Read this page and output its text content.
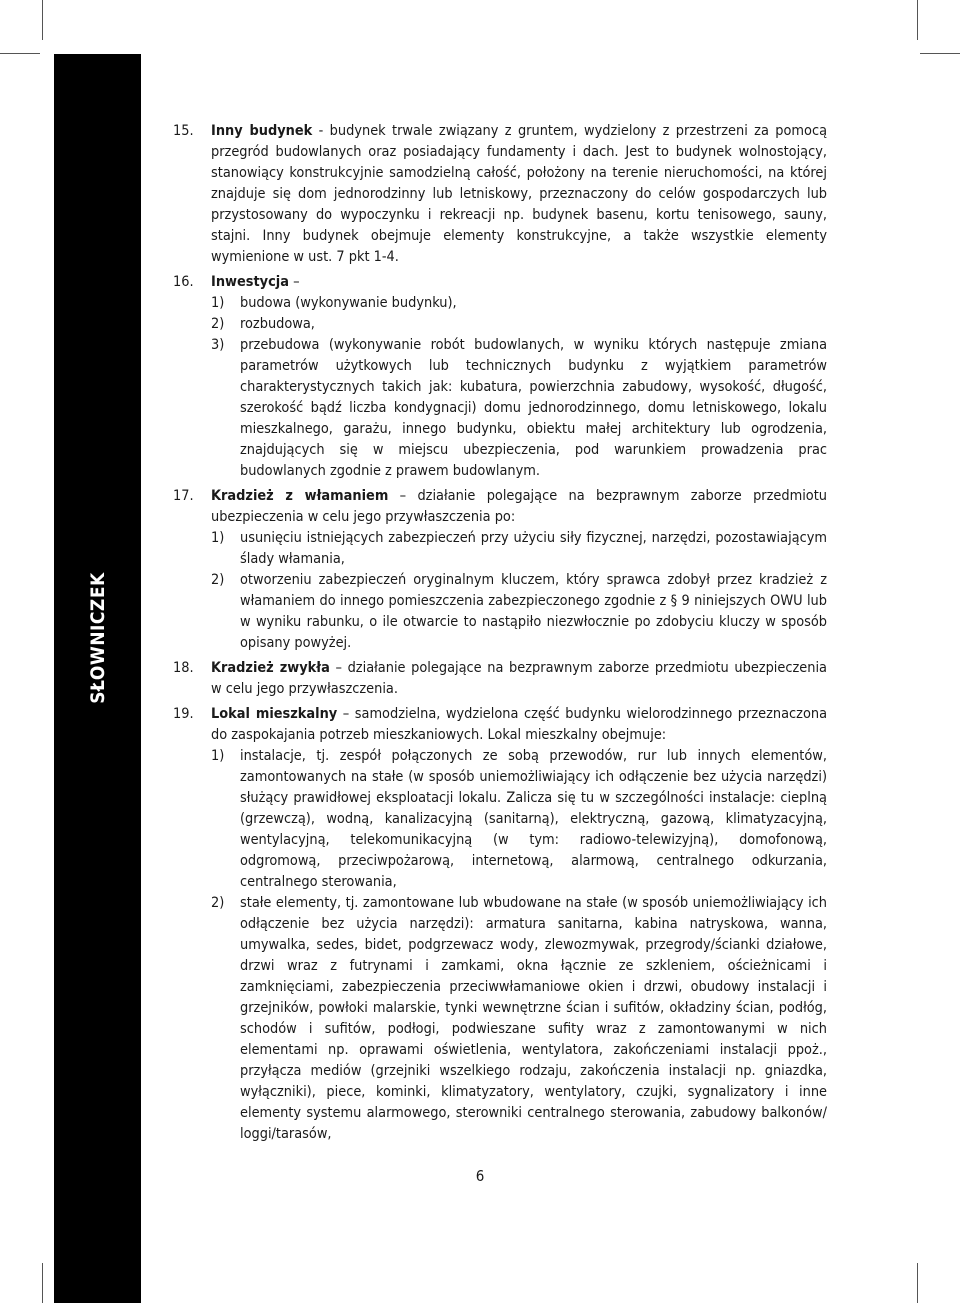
SŁOWNICZEK
15.	Inny budynek - budynek trwale związany z gruntem, wydzielony z przestrzeni za pomocą przegród budowlanych oraz posiadający fundamenty i dach. Jest to budynek wolnostojący, stanowiący konstrukcyjnie samodzielną całość, położony na terenie nieruchomości, na której znajduje się dom jednorodzinny lub letniskowy, przeznaczony do celów gospodarczych lub przystosowany do wypoczynku i rekreacji np. budynek basenu, kortu tenisowego, sauny, stajni. Inny budynek obejmuje elementy konstrukcyjne, a także wszystkie elementy wymienione w ust. 7 pkt 1-4.

16.	Inwestycja –

1)	budowa (wykonywanie budynku),
2)	rozbudowa,
3)	przebudowa (wykonywanie robót budowlanych, w wyniku których następuje zmiana parametrów użytkowych lub technicznych budynku z wyjątkiem parametrów charakterystycznych takich jak: kubatura, powierzchnia zabudowy, wysokość, długość, szerokość bądź liczba kondygnacji) domu jednorodzinnego, domu letniskowego, lokalu mieszkalnego, garażu, innego budynku, obiektu małej architektury lub ogrodzenia, znajdujących się w miejscu ubezpieczenia, pod warunkiem prowadzenia prac budowlanych zgodnie z prawem budowlanym.
17.	Kradzież z włamaniem – działanie polegające na bezprawnym zaborze przedmiotu ubezpieczenia w celu jego przywłaszczenia po:

1)	usunięciu istniejących zabezpieczeń przy użyciu siły fizycznej, narzędzi, pozostawiającym ślady włamania,
2)	otworzeniu zabezpieczeń oryginalnym kluczem, który sprawca zdobył przez kradzież z włamaniem do innego pomieszczenia zabezpieczonego zgodnie z § 9 niniejszych OWU lub w wyniku rabunku, o ile otwarcie to nastąpiło niezwłocznie po zdobyciu kluczy w sposób opisany powyżej.
18.	Kradzież zwykła – działanie polegające na bezprawnym zaborze przedmiotu ubezpieczenia w celu jego przywłaszczenia.

19.	Lokal mieszkalny – samodzielna, wydzielona część budynku wielorodzinnego przeznaczona do zaspokajania potrzeb mieszkaniowych. Lokal mieszkalny obejmuje:

1)	instalacje, tj. zespół połączonych ze sobą przewodów, rur lub innych elementów, zamontowanych na stałe (w sposób uniemożliwiający ich odłączenie bez użycia narzędzi) służący prawidłowej eksploatacji lokalu. Zalicza się tu w szczególności instalacje: cieplną (grzewczą), wodną, kanalizacyjną (sanitarną), elektryczną, gazową, klimatyzacyjną, wentylacyjną, telekomunikacyjną (w tym: radiowo-telewizyjną), domofonową, odgromową, przeciwpożarową, internetową, alarmową, centralnego odkurzania, centralnego sterowania,
2)	stałe elementy, tj. zamontowane lub wbudowane na stałe (w sposób uniemożliwiający ich odłączenie bez użycia narzędzi): armatura sanitarna, kabina natryskowa, wanna, umywalka, sedes, bidet, podgrzewacz wody, zlewozmywak, przegrody/ścianki działowe, drzwi wraz z futrynami i zamkami, okna łącznie ze szkleniem, ościeżnicami i zamknięciami, zabezpieczenia przeciwwłamaniowe okien i drzwi, obudowy instalacji i grzejników, powłoki malarskie, tynki wewnętrzne ścian i sufitów, okładziny ścian, podłóg, schodów i sufitów, podłogi, podwieszane sufity wraz z zamontowanymi w nich elementami np. oprawami oświetlenia, wentylatora, zakończeniami instalacji ppoż., przyłącza mediów (grzejniki wszelkiego rodzaju, zakończenia instalacji np. gniazdka, wyłączniki), piece, kominki, klimatyzatory, wentylatory, czujki, sygnalizatory i inne elementy systemu alarmowego, sterowniki centralnego sterowania, zabudowy balkonów/ loggi/tarasów,
6
